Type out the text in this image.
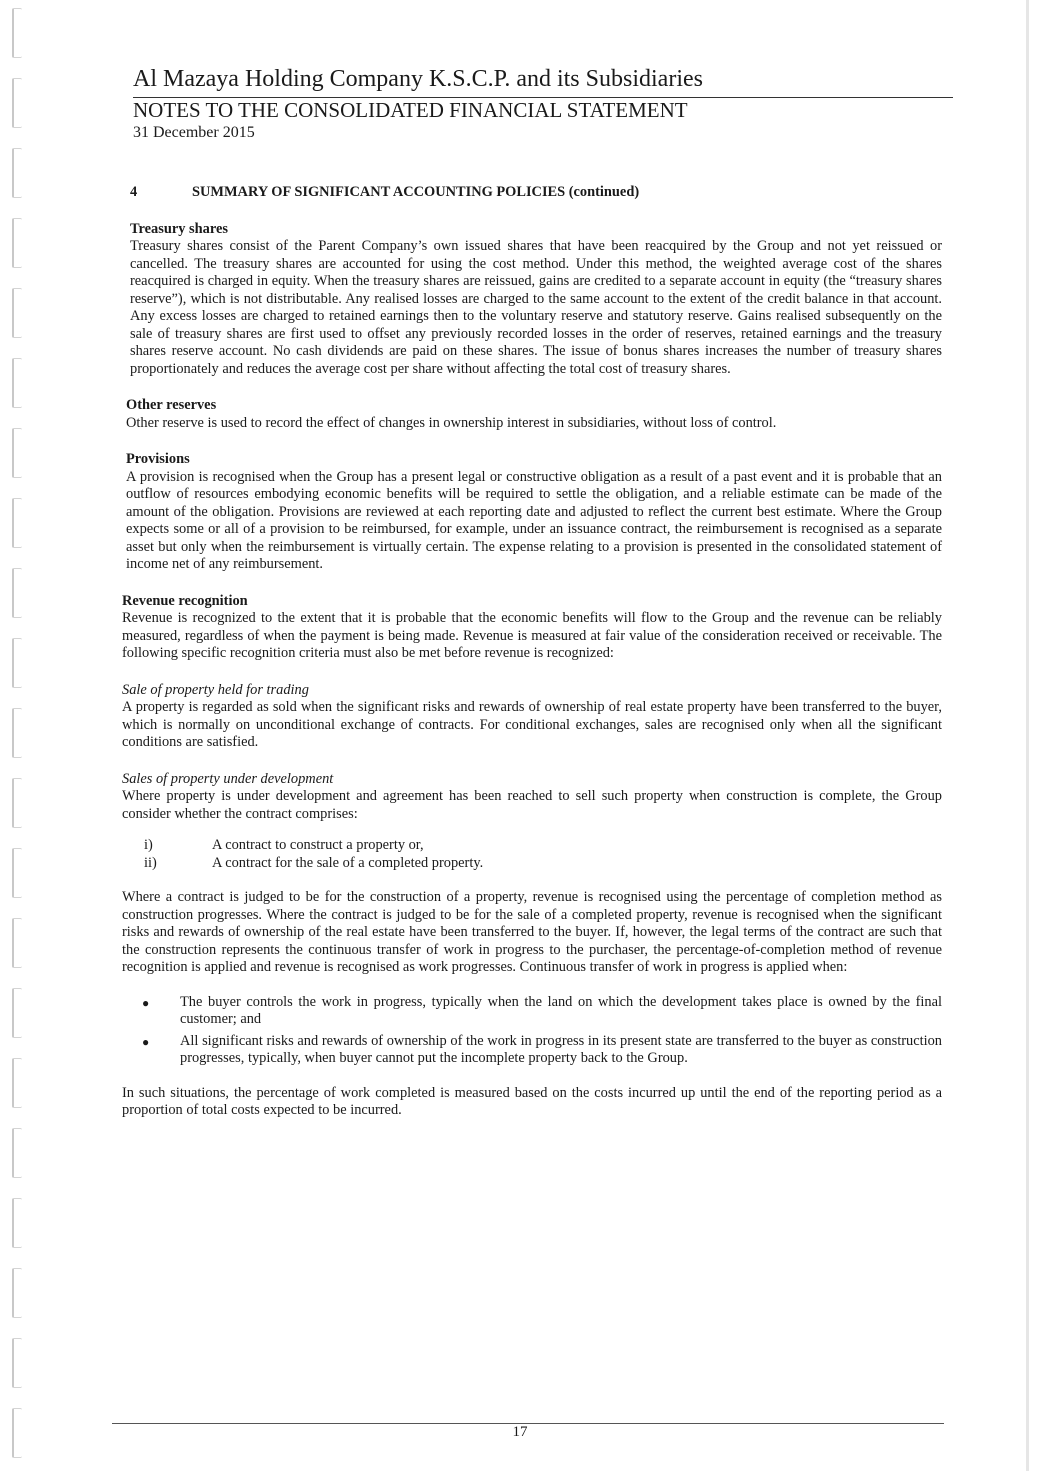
Al Mazaya Holding Company K.S.C.P. and its Subsidiaries
NOTES TO THE CONSOLIDATED FINANCIAL STATEMENT
31 December 2015
4	SUMMARY OF SIGNIFICANT ACCOUNTING POLICIES (continued)
Treasury shares

Treasury shares consist of the Parent Company’s own issued shares that have been reacquired by the Group and not yet reissued or cancelled. The treasury shares are accounted for using the cost method. Under this method, the weighted average cost of the shares reacquired is charged in equity. When the treasury shares are reissued, gains are credited to a separate account in equity (the “treasury shares reserve”), which is not distributable. Any realised losses are charged to the same account to the extent of the credit balance in that account. Any excess losses are charged to retained earnings then to the voluntary reserve and statutory reserve. Gains realised subsequently on the sale of treasury shares are first used to offset any previously recorded losses in the order of reserves, retained earnings and the treasury shares reserve account. No cash dividends are paid on these shares. The issue of bonus shares increases the number of treasury shares proportionately and reduces the average cost per share without affecting the total cost of treasury shares.

Other reserves

Other reserve is used to record the effect of changes in ownership interest in subsidiaries, without loss of control.

Provisions

A provision is recognised when the Group has a present legal or constructive obligation as a result of a past event and it is probable that an outflow of resources embodying economic benefits will be required to settle the obligation, and a reliable estimate can be made of the amount of the obligation. Provisions are reviewed at each reporting date and adjusted to reflect the current best estimate. Where the Group expects some or all of a provision to be reimbursed, for example, under an issuance contract, the reimbursement is recognised as a separate asset but only when the reimbursement is virtually certain. The expense relating to a provision is presented in the consolidated statement of income net of any reimbursement.

Revenue recognition

Revenue is recognized to the extent that it is probable that the economic benefits will flow to the Group and the revenue can be reliably measured, regardless of when the payment is being made. Revenue is measured at fair value of the consideration received or receivable. The following specific recognition criteria must also be met before revenue is recognized:

Sale of property held for trading

A property is regarded as sold when the significant risks and rewards of ownership of real estate property have been transferred to the buyer, which is normally on unconditional exchange of contracts. For conditional exchanges, sales are recognised only when all the significant conditions are satisfied.

Sales of property under development

Where property is under development and agreement has been reached to sell such property when construction is complete, the Group consider whether the contract comprises:

i)	A contract to construct a property or,
ii)	A contract for the sale of a completed property.

Where a contract is judged to be for the construction of a property, revenue is recognised using the percentage of completion method as construction progresses. Where the contract is judged to be for the sale of a completed property, revenue is recognised when the significant risks and rewards of ownership of the real estate have been transferred to the buyer. If, however, the legal terms of the contract are such that the construction represents the continuous transfer of work in progress to the purchaser, the percentage-of-completion method of revenue recognition is applied and revenue is recognised as work progresses. Continuous transfer of work in progress is applied when:

●	The buyer controls the work in progress, typically when the land on which the development takes place is owned by the final customer; and
●	All significant risks and rewards of ownership of the work in progress in its present state are transferred to the buyer as construction progresses, typically, when buyer cannot put the incomplete property back to the Group.

In such situations, the percentage of work completed is measured based on the costs incurred up until the end of the reporting period as a proportion of total costs expected to be incurred.

17
